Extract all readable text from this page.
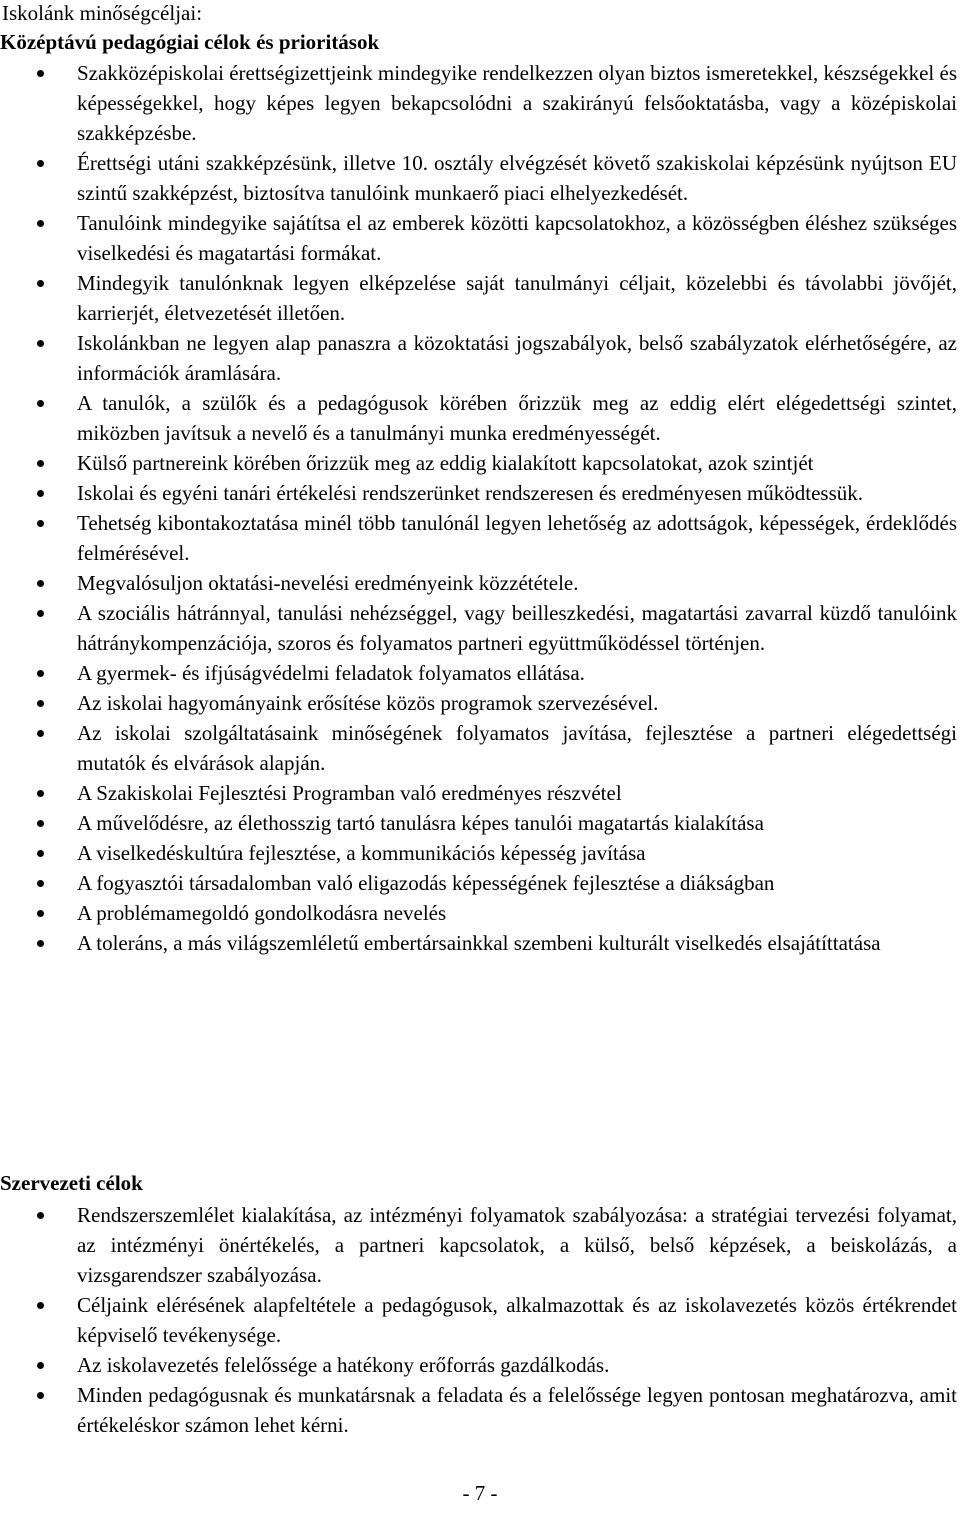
Iskolánk minőségcéljai:
Középtávú pedagógiai célok és prioritások
Szakközépiskolai érettségizettjeink mindegyike rendelkezzen olyan biztos ismeretekkel, készségekkel és képességekkel, hogy képes legyen bekapcsolódni a szakirányú felsőoktatásba, vagy a középiskolai szakképzésbe.
Érettségi utáni szakképzésünk, illetve 10. osztály elvégzését követő szakiskolai képzésünk nyújtson EU szintű szakképzést, biztosítva tanulóink munkaerő piaci elhelyezkedését.
Tanulóink mindegyike sajátítsa el az emberek közötti kapcsolatokhoz, a közösségben éléshez szükséges viselkedési és magatartási formákat.
Mindegyik tanulónknak legyen elképzelése saját tanulmányi céljait, közelebbi és távolabbi jövőjét, karrierjét, életvezetését illetően.
Iskolánkban ne legyen alap panaszra a közoktatási jogszabályok, belső szabályzatok elérhetőségére, az információk áramlására.
A tanulók, a szülők és a pedagógusok körében őrizzük meg az eddig elért elégedettségi szintet, miközben javítsuk a nevelő és a tanulmányi munka eredményességét.
Külső partnereink körében őrizzük meg az eddig kialakított kapcsolatokat, azok szintjét
Iskolai és egyéni tanári értékelési rendszerünket rendszeresen és eredményesen működtessük.
Tehetség kibontakoztatása minél több tanulónál legyen lehetőség az adottságok, képességek, érdeklődés felmérésével.
Megvalósuljon oktatási-nevelési eredményeink közzététele.
A szociális hátránnyal, tanulási nehézséggel, vagy beilleszkedési, magatartási zavarral küzdő tanulóink hátránykompenzációja, szoros és folyamatos partneri együttműködéssel történjen.
A gyermek- és ifjúságvédelmi feladatok folyamatos ellátása.
Az iskolai hagyományaink erősítése közös programok szervezésével.
Az iskolai szolgáltatásaink minőségének folyamatos javítása, fejlesztése a partneri elégedettségi mutatók és elvárások alapján.
A Szakiskolai Fejlesztési Programban való eredményes részvétel
A művelődésre, az élethosszig tartó tanulásra képes tanulói magatartás kialakítása
A viselkedéskultúra fejlesztése, a kommunikációs képesség javítása
A fogyasztói társadalomban való eligazodás képességének fejlesztése a diákságban
A problémamegoldó gondolkodásra nevelés
A toleráns, a más világszemléletű embertársainkkal szembeni kulturált viselkedés elsajátíttatása
Szervezeti célok
Rendszerszemlélet kialakítása, az intézményi folyamatok szabályozása: a stratégiai tervezési folyamat, az intézményi önértékelés, a partneri kapcsolatok, a külső, belső képzések, a beiskolázás, a vizsgarendszer szabályozása.
Céljaink elérésének alapfeltétele a pedagógusok, alkalmazottak és az iskolavezetés közös értékrendet képviselő tevékenysége.
Az iskolavezetés felelőssége a hatékony erőforrás gazdálkodás.
Minden pedagógusnak és munkatársnak a feladata és a felelőssége legyen pontosan meghatározva, amit értékeléskor számon lehet kérni.
- 7 -
